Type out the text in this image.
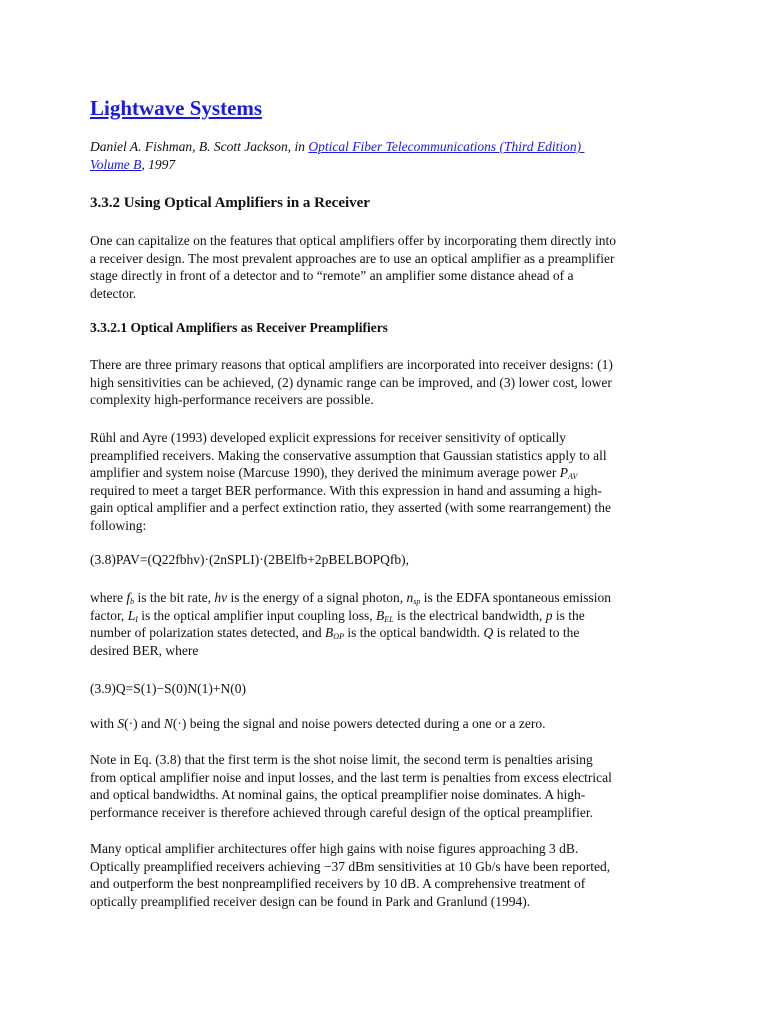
Lightwave Systems
Daniel A. Fishman, B. Scott Jackson, in Optical Fiber Telecommunications (Third Edition)
Volume B, 1997
3.3.2 Using Optical Amplifiers in a Receiver

One can capitalize on the features that optical amplifiers offer by incorporating them directly into
a receiver design. The most prevalent approaches are to use an optical amplifier as a preamplifier
stage directly in front of a detector and to “remote” an amplifier some distance ahead of a
detector.

3.3.2.1 Optical Amplifiers as Receiver Preamplifiers

There are three primary reasons that optical amplifiers are incorporated into receiver designs: (1)
high sensitivities can be achieved, (2) dynamic range can be improved, and (3) lower cost, lower
complexity high-performance receivers are possible.

Rühl and Ayre (1993) developed explicit expressions for receiver sensitivity of optically
preamplified receivers. Making the conservative assumption that Gaussian statistics apply to all
amplifier and system noise (Marcuse 1990), they derived the minimum average power $P_{AV}$
required to meet a target BER performance. With this expression in hand and assuming a high-
gain optical amplifier and a perfect extinction ratio, they asserted (with some rearrangement) the
following:

(3.8)PAV=(Q22fbhv)·(2nSPLI)·(2BElfb+2pBELBOPQfb),

where $f_b$ is the bit rate, hv is the energy of a signal photon, $n_{sp}$ is the EDFA spontaneous emission
factor, $L_I$ is the optical amplifier input coupling loss, $B_{EL}$ is the electrical bandwidth, p is the
number of polarization states detected, and $B_{OP}$ is the optical bandwidth. Q is related to the
desired BER, where

(3.9)Q=S(1)−S(0)N(1)+N(0)

with S(·) and N(·) being the signal and noise powers detected during a one or a zero.

Note in Eq. (3.8) that the first term is the shot noise limit, the second term is penalties arising
from optical amplifier noise and input losses, and the last term is penalties from excess electrical
and optical bandwidths. At nominal gains, the optical preamplifier noise dominates. A high-
performance receiver is therefore achieved through careful design of the optical preamplifier.

Many optical amplifier architectures offer high gains with noise figures approaching 3 dB.
Optically preamplified receivers achieving −37 dBm sensitivities at 10 Gb/s have been reported,
and outperform the best nonpreamplified receivers by 10 dB. A comprehensive treatment of
optically preamplified receiver design can be found in Park and Granlund (1994).
